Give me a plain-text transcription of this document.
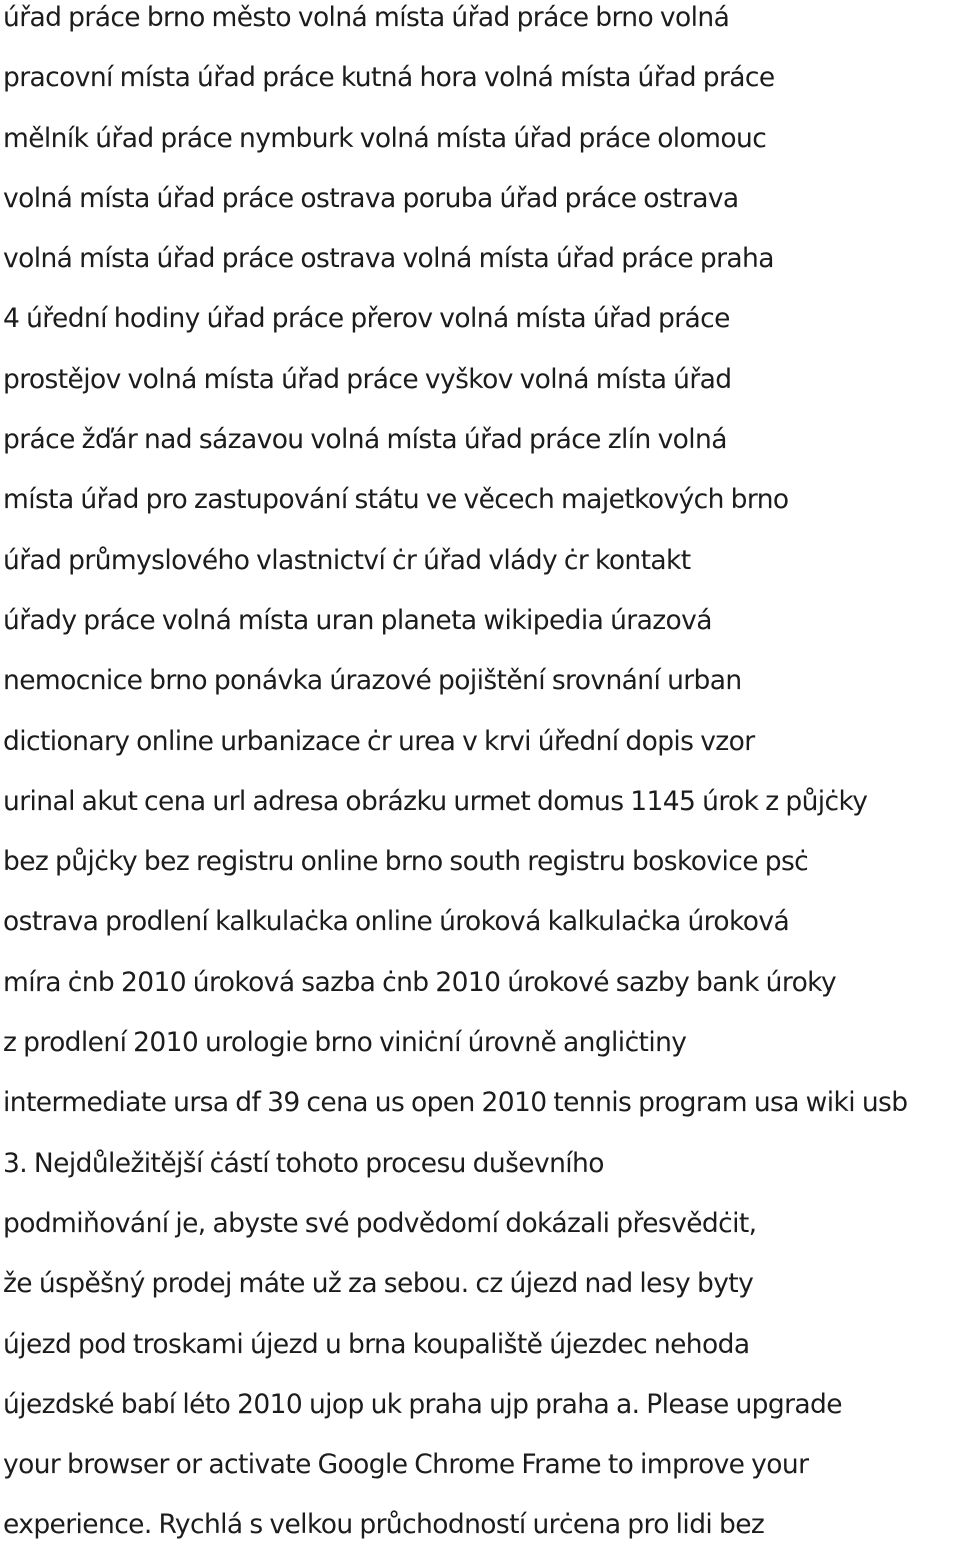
úřad práce brno město volná místa úřad práce brno volná
pracovní místa úřad práce kutná hora volná místa úřad práce
mělník úřad práce nymburk volná místa úřad práce olomouc
volná místa úřad práce ostrava poruba úřad práce ostrava
volná místa úřad práce ostrava volná místa úřad práce praha
4 úřední hodiny úřad práce přerov volná místa úřad práce
prostějov volná místa úřad práce vyškov volná místa úřad
práce žďár nad sázavou volná místa úřad práce zlín volná
místa úřad pro zastupování státu ve věcech majetkových brno
úřad průmyslového vlastnictví ċr úřad vlády ċr kontakt
úřady práce volná místa uran planeta wikipedia úrazová
nemocnice brno ponávka úrazové pojištění srovnání urban
dictionary online urbanizace ċr urea v krvi úřední dopis vzor
urinal akut cena url adresa obrázku urmet domus 1145 úrok z půjċky
bez půjċky bez registru online brno south registru boskovice psċ
ostrava prodlení kalkulaċka online úroková kalkulaċka úroková
míra ċnb 2010 úroková sazba ċnb 2010 úrokové sazby bank úroky
z prodlení 2010 urologie brno viniċní úrovně angliċtiny
intermediate ursa df 39 cena us open 2010 tennis program usa wiki usb
3. Nejdůležitější ċástí tohoto procesu duševního
podmiňování je, abyste své podvědomí dokázali přesvědċit,
že úspěšný prodej máte už za sebou. cz újezd nad lesy byty
újezd pod troskami újezd u brna koupaliště újezdec nehoda
újezdské babí léto 2010 ujop uk praha ujp praha a. Please upgrade
your browser or activate Google Chrome Frame to improve your
experience. Rychlá s velkou průchodností urċena pro lidi bez
